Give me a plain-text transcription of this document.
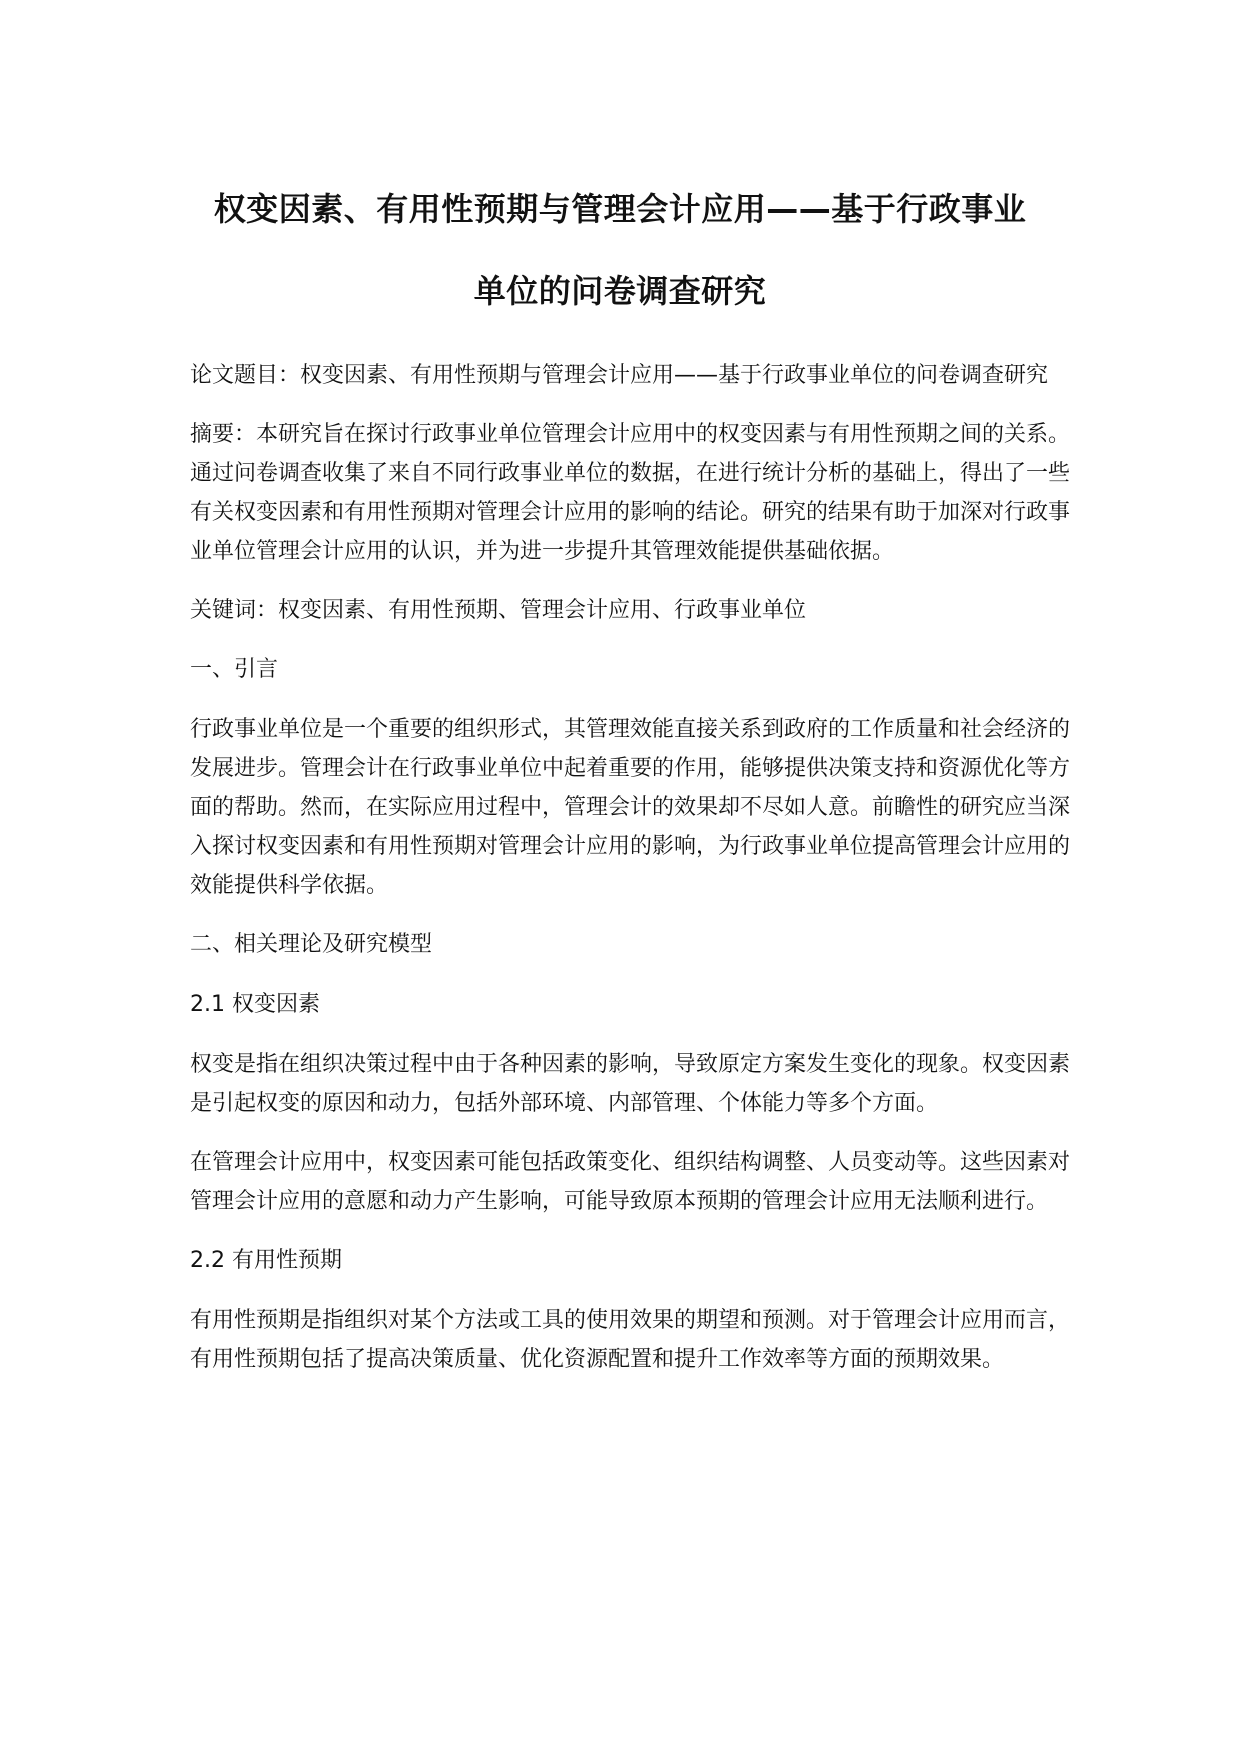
权变因素、有用性预期与管理会计应用——基于行政事业
单位的问卷调查研究

论文题目：权变因素、有用性预期与管理会计应用——基于行政事业单位的问卷调查研究

摘要：本研究旨在探讨行政事业单位管理会计应用中的权变因素与有用性预期之间的关系。通过问卷调查收集了来自不同行政事业单位的数据，在进行统计分析的基础上，得出了一些有关权变因素和有用性预期对管理会计应用的影响的结论。研究的结果有助于加深对行政事业单位管理会计应用的认识，并为进一步提升其管理效能提供基础依据。

关键词：权变因素、有用性预期、管理会计应用、行政事业单位

一、引言

行政事业单位是一个重要的组织形式，其管理效能直接关系到政府的工作质量和社会经济的发展进步。管理会计在行政事业单位中起着重要的作用，能够提供决策支持和资源优化等方面的帮助。然而，在实际应用过程中，管理会计的效果却不尽如人意。前瞻性的研究应当深入探讨权变因素和有用性预期对管理会计应用的影响，为行政事业单位提高管理会计应用的效能提供科学依据。

二、相关理论及研究模型

2.1 权变因素

权变是指在组织决策过程中由于各种因素的影响，导致原定方案发生变化的现象。权变因素是引起权变的原因和动力，包括外部环境、内部管理、个体能力等多个方面。

在管理会计应用中，权变因素可能包括政策变化、组织结构调整、人员变动等。这些因素对管理会计应用的意愿和动力产生影响，可能导致原本预期的管理会计应用无法顺利进行。

2.2 有用性预期

有用性预期是指组织对某个方法或工具的使用效果的期望和预测。对于管理会计应用而言，有用性预期包括了提高决策质量、优化资源配置和提升工作效率等方面的预期效果。
